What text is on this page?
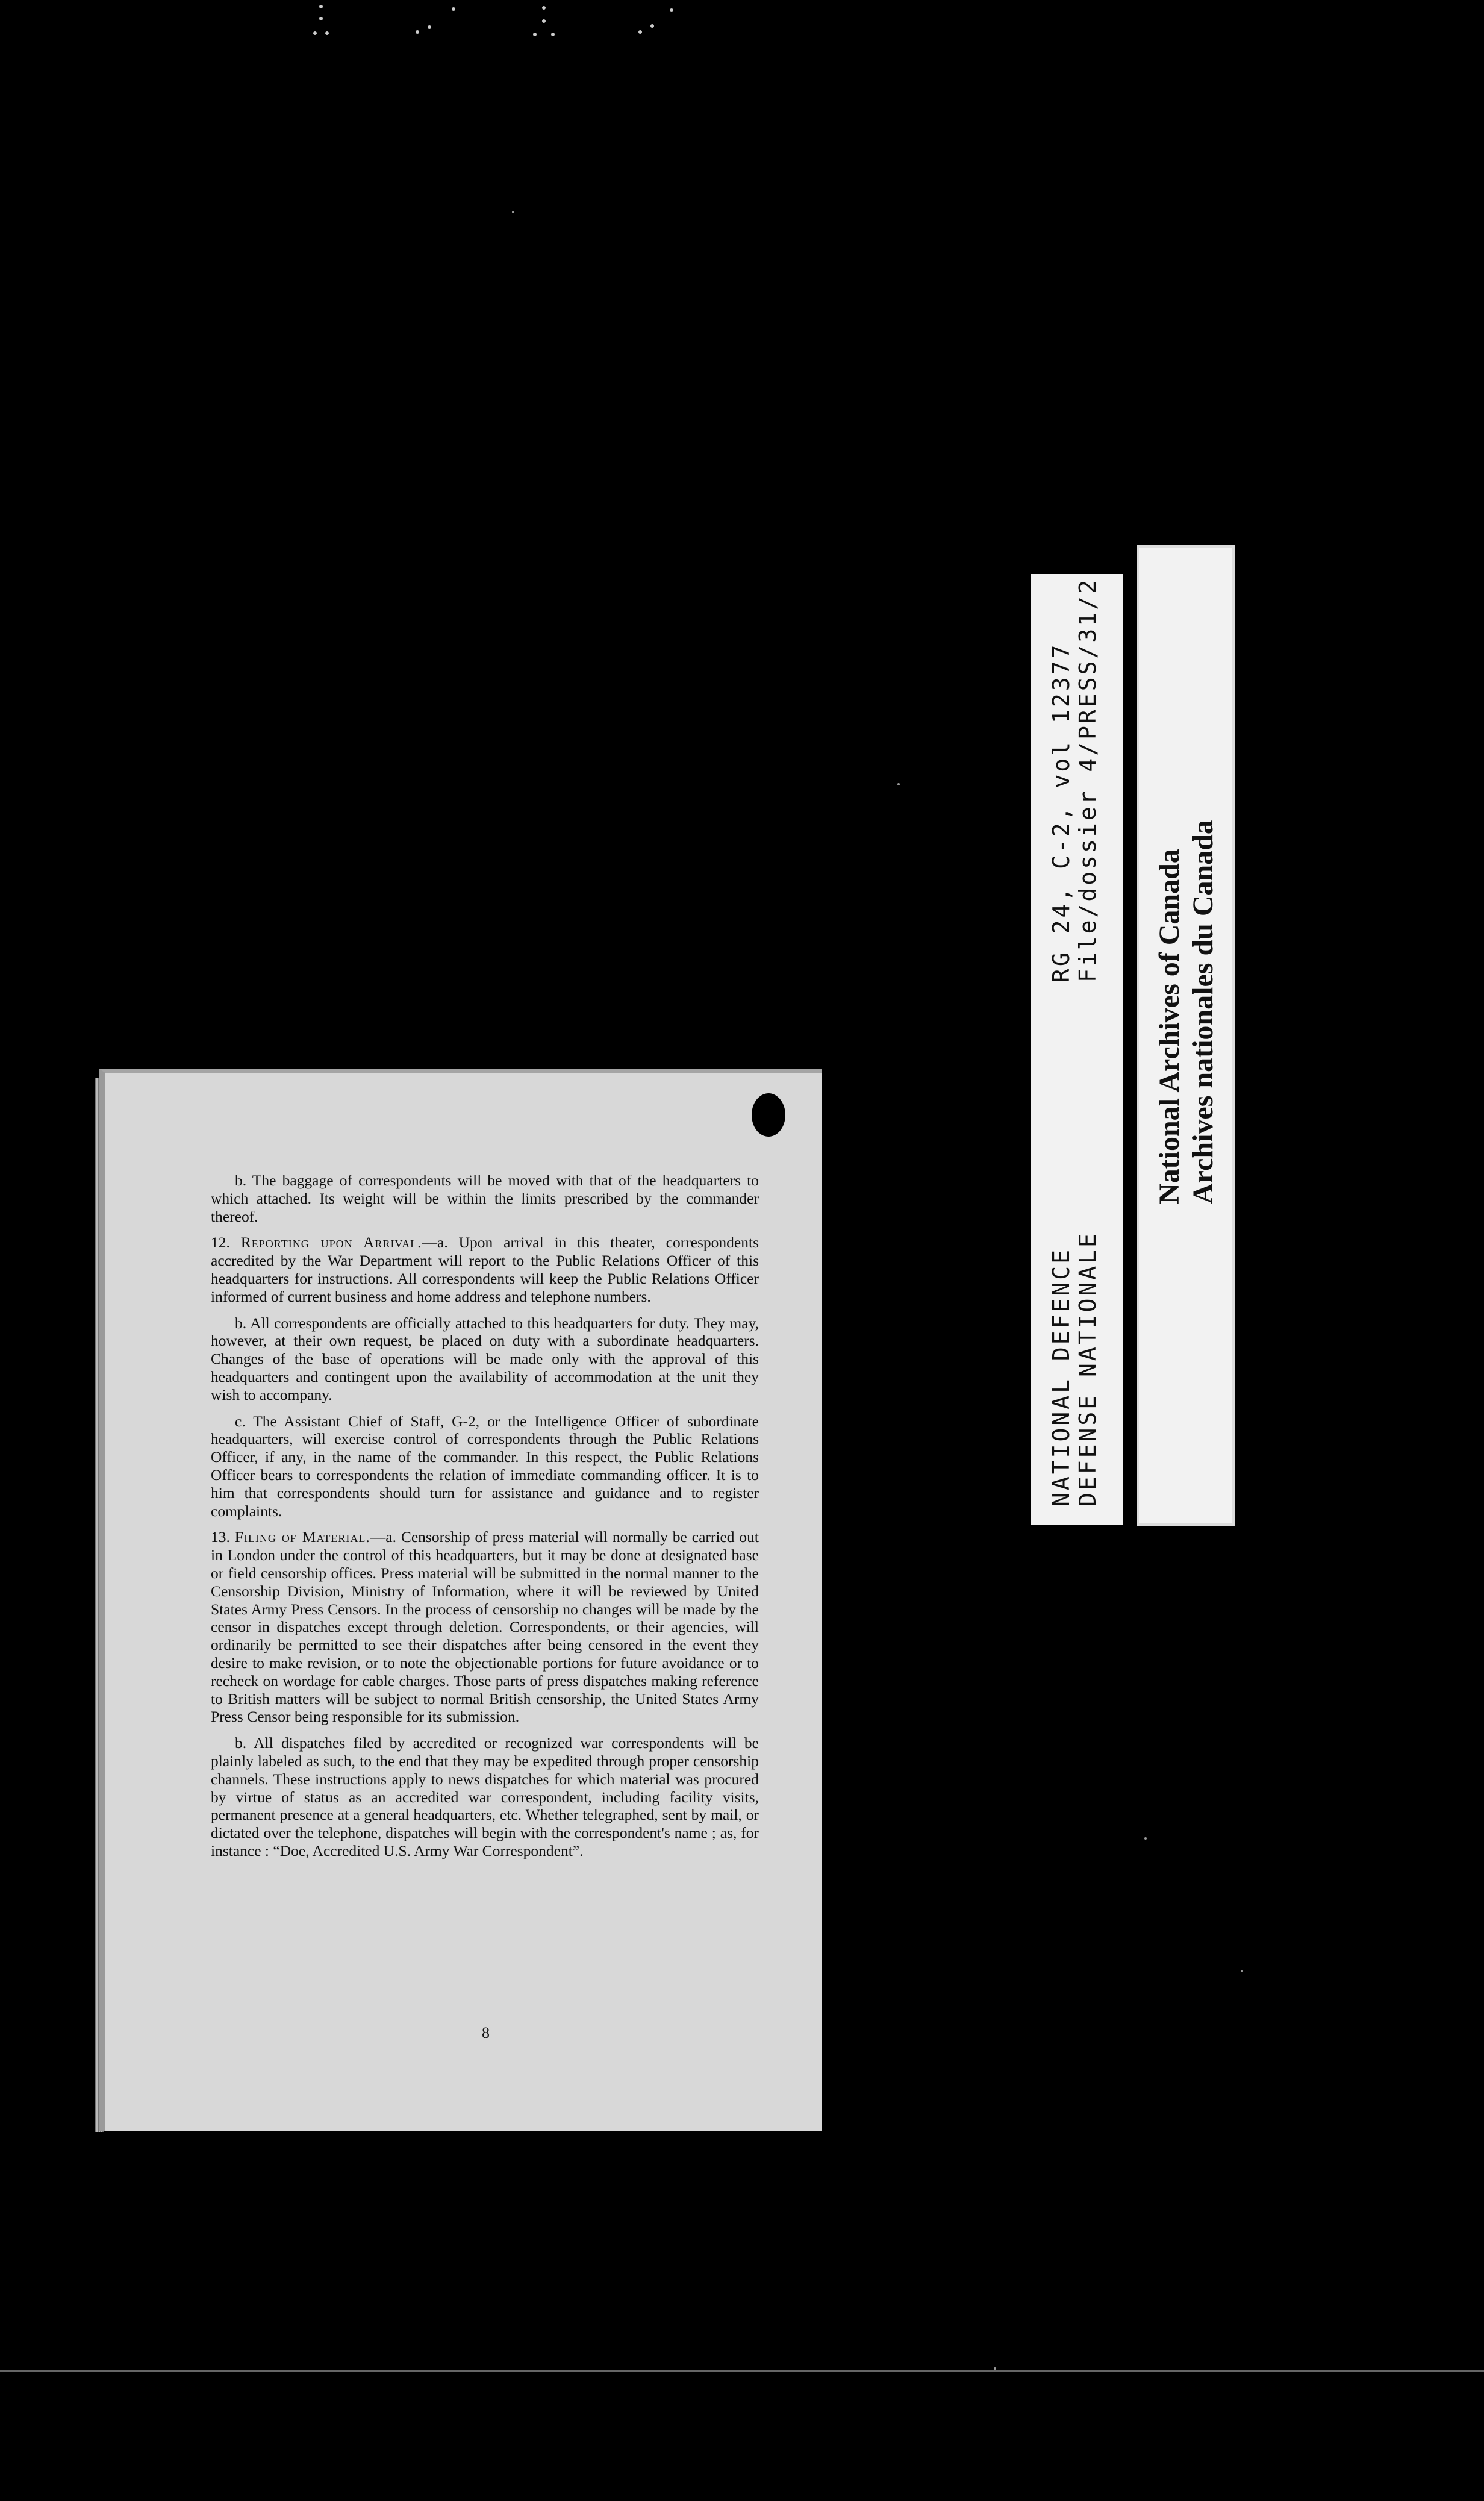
b. The baggage of correspondents will be moved with that of the headquarters to which attached. Its weight will be within the limits prescribed by the commander thereof.

12. Reporting upon Arrival.—a. Upon arrival in this theater, correspondents accredited by the War Department will report to the Public Relations Officer of this headquarters for instructions. All correspondents will keep the Public Relations Officer informed of current business and home address and telephone numbers.

b. All correspondents are officially attached to this headquarters for duty. They may, however, at their own request, be placed on duty with a subordinate headquarters. Changes of the base of operations will be made only with the approval of this headquarters and contingent upon the availability of accommodation at the unit they wish to accompany.

c. The Assistant Chief of Staff, G-2, or the Intelligence Officer of subordinate headquarters, will exercise control of correspondents through the Public Relations Officer, if any, in the name of the commander. In this respect, the Public Relations Officer bears to correspondents the relation of immediate commanding officer. It is to him that correspondents should turn for assistance and guidance and to register complaints.

13. Filing of Material.—a. Censorship of press material will normally be carried out in London under the control of this headquarters, but it may be done at designated base or field censorship offices. Press material will be submitted in the normal manner to the Censorship Division, Ministry of Information, where it will be reviewed by United States Army Press Censors. In the process of censorship no changes will be made by the censor in dispatches except through deletion. Correspondents, or their agencies, will ordinarily be permitted to see their dispatches after being censored in the event they desire to make revision, or to note the objectionable portions for future avoidance or to recheck on wordage for cable charges. Those parts of press dispatches making reference to British matters will be subject to normal British censorship, the United States Army Press Censor being responsible for its submission.

b. All dispatches filed by accredited or recognized war correspondents will be plainly labeled as such, to the end that they may be expedited through proper censorship channels. These instructions apply to news dispatches for which material was procured by virtue of status as an accredited war correspondent, including facility visits, permanent presence at a general headquarters, etc. Whether telegraphed, sent by mail, or dictated over the telephone, dispatches will begin with the correspondent's name ; as, for instance : “Doe, Accredited U.S. Army War Correspondent”.

8
NATIONAL DEFENCE DEFENSE NATIONALE
RG 24, C-2, vol 12377 File/dossier 4/PRESS/31/2
National Archives of Canada Archives nationales du Canada
